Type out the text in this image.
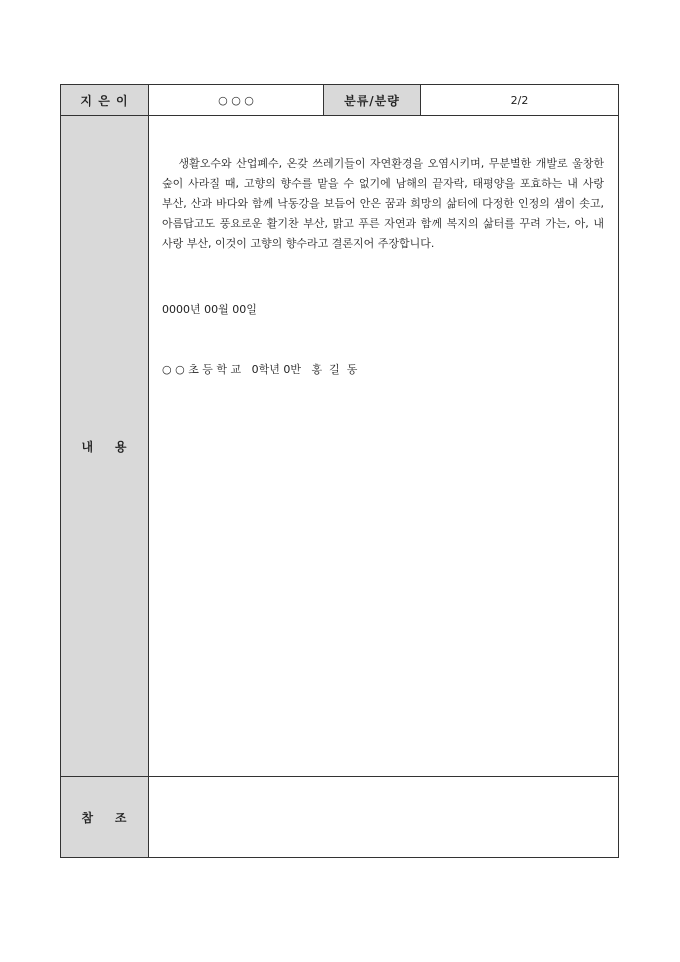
지 은 이	○ ○ ○	분류/분량	2/2
내    용	생활오수와 산업폐수, 온갖 쓰레기들이 자연환경을 오염시키며, 무분별한 개발로 울창한 숲이 사라질 때, 고향의 향수를 맡을 수 없기에 남해의 끝자락, 태평양을 포효하는 내 사랑 부산, 산과 바다와 함께 낙동강을 보듬어 안은 꿈과 희망의 삶터에 다정한 인정의 샘이 솟고, 아름답고도 풍요로운 활기찬 부산, 맑고 푸른 자연과 함께 복지의 삶터를 꾸려 가는, 아, 내 사랑 부산, 이것이 고향의 향수라고 결론지어 주장합니다.

0000년 00월 00일

○ ○ 초 등 학 교   0학년 0반   홍  길  동		

참    조			
